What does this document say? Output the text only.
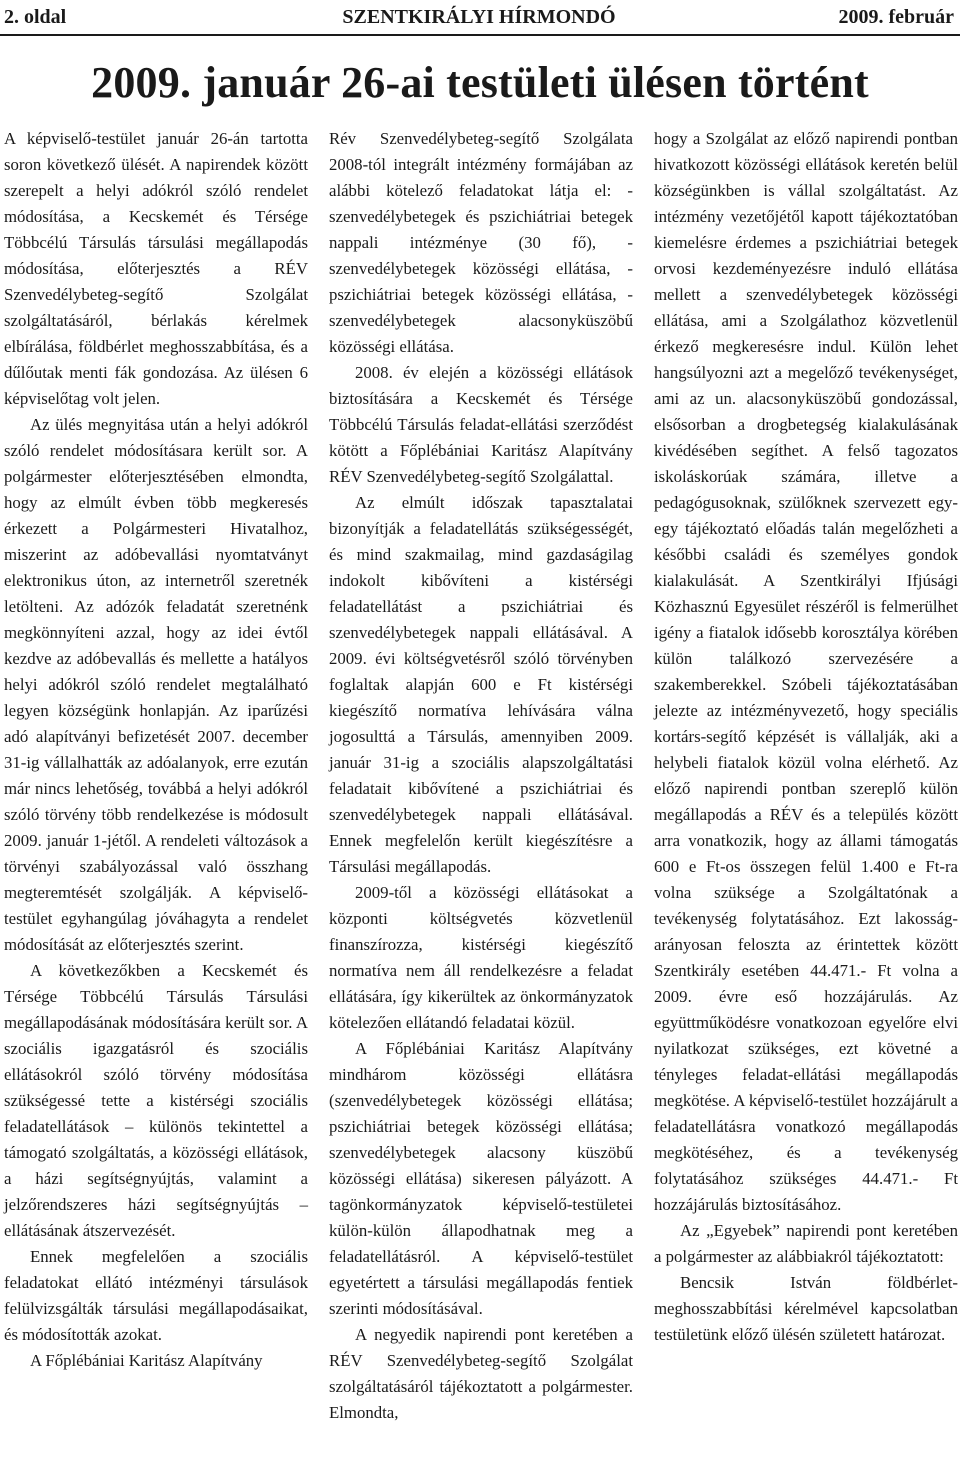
2. oldal	SZENTKIRÁLYI HÍRMONDÓ	2009. február
2009. január 26-ai testületi ülésen történt

A képviselő-testület január 26-án tartotta soron következő ülését. A napirendek között szerepelt a helyi adókról szóló rendelet módosítása, a Kecskemét és Térsége Többcélú Társulás társulási megállapodás módosítása, előterjesztés a RÉV Szenvedélybeteg-segítő Szolgálat szolgáltatásáról, bérlakás kérelmek elbírálása, földbérlet meghosszabbítása, és a dűlőutak menti fák gondozása. Az ülésen 6 képviselőtag volt jelen.

Az ülés megnyitása után a helyi adókról szóló rendelet módosításara került sor. A polgármester előterjesztésében elmondta, hogy az elmúlt évben több megkeresés érkezett a Polgármesteri Hivatalhoz, miszerint az adóbevallási nyomtatványt elektronikus úton, az internetről szeretnék letölteni. Az adózók feladatát szeretnénk megkönnyíteni azzal, hogy az idei évtől kezdve az adóbevallás és mellette a hatályos helyi adókról szóló rendelet megtalálható legyen községünk honlapján. Az iparűzési adó alapítványi befizetését 2007. december 31-ig vállalhatták az adóalanyok, erre ezután már nincs lehetőség, továbbá a helyi adókról szóló törvény több rendelkezése is módosult 2009. január 1-jétől. A rendeleti változások a törvényi szabályozással való összhang megteremtését szolgálják. A képviselő-testület egyhangúlag jóváhagyta a rendelet módosítását az előterjesztés szerint.

A következőkben a Kecskemét és Térsége Többcélú Társulás Társulási megállapodásának módosítására került sor. A szociális igazgatásról és szociális ellátásokról szóló törvény módosítása szükségessé tette a kistérségi szociális feladatellátások – különös tekintettel a támogató szolgáltatás, a közösségi ellátások, a házi segítségnyújtás, valamint a jelzőrendszeres házi segítségnyújtás – ellátásának átszervezését.

Ennek megfelelően a szociális feladatokat ellátó intézményi társulások felülvizsgálták társulási megállapodásaikat, és módosították azokat.

A Főplébániai Karitász Alapítvány

Rév Szenvedélybeteg-segítő Szolgálata 2008-tól integrált intézmény formájában az alábbi kötelező feladatokat látja el: - szenvedélybetegek és pszichiátriai betegek nappali intézménye (30 fő), - szenvedélybetegek közösségi ellátása, - pszichiátriai betegek közösségi ellátása, - szenvedélybetegek alacsonyküszöbű közösségi ellátása.

2008. év elején a közösségi ellátások biztosítására a Kecskemét és Térsége Többcélú Társulás feladat-ellátási szerződést kötött a Főplébániai Karitász Alapítvány RÉV Szenvedélybeteg-segítő Szolgálattal.

Az elmúlt időszak tapasztalatai bizonyítják a feladatellátás szükségességét, és mind szakmailag, mind gazdaságilag indokolt kibővíteni a kistérségi feladatellátást a pszichiátriai és szenvedélybetegek nappali ellátásával. A 2009. évi költségvetésről szóló törvényben foglaltak alapján 600 e Ft kistérségi kiegészítő normatíva lehívására válna jogosulttá a Társulás, amennyiben 2009. január 31-ig a szociális alapszolgáltatási feladatait kibővítené a pszichiátriai és szenvedélybetegek nappali ellátásával. Ennek megfelelőn került kiegészítésre a Társulási megállapodás.

2009-től a közösségi ellátásokat a központi költségvetés közvetlenül finanszírozza, kistérségi kiegészítő normatíva nem áll rendelkezésre a feladat ellátására, így kikerültek az önkormányzatok kötelezően ellátandó feladatai közül.

A Főplébániai Karitász Alapítvány mindhárom közösségi ellátásra (szenvedélybetegek közösségi ellátása; pszichiátriai betegek közösségi ellátása; szenvedélybetegek alacsony küszöbű közösségi ellátása) sikeresen pályázott. A tagönkormányzatok képviselő-testületei külön-külön állapodhatnak meg a feladatellátásról. A képviselő-testület egyetértett a társulási megállapodás fentiek szerinti módosításával.

A negyedik napirendi pont keretében a RÉV Szenvedélybeteg-segítő Szolgálat szolgáltatásáról tájékoztatott a polgármester. Elmondta,

hogy a Szolgálat az előző napirendi pontban hivatkozott közösségi ellátások keretén belül községünkben is vállal szolgáltatást. Az intézmény vezetőjétől kapott tájékoztatóban kiemelésre érdemes a pszichiátriai betegek orvosi kezdeményezésre induló ellátása mellett a szenvedélybetegek közösségi ellátása, ami a Szolgálathoz közvetlenül érkező megkeresésre indul. Külön lehet hangsúlyozni azt a megelőző tevékenységet, ami az un. alacsonyküszöbű gondozással, elsősorban a drogbetegség kialakulásának kivédésében segíthet. A felső tagozatos iskoláskorúak számára, illetve a pedagógusoknak, szülőknek szervezett egy-egy tájékoztató előadás talán megelőzheti a későbbi családi és személyes gondok kialakulását. A Szentkirályi Ifjúsági Közhasznú Egyesület részéről is felmerülhet igény a fiatalok idősebb korosztálya körében külön találkozó szervezésére a szakemberekkel. Szóbeli tájékoztatásában jelezte az intézményvezető, hogy speciális kortárs-segítő képzését is vállalják, aki a helybeli fiatalok közül volna elérhető. Az előző napirendi pontban szereplő külön megállapodás a RÉV és a település között arra vonatkozik, hogy az állami támogatás 600 e Ft-os összegen felül 1.400 e Ft-ra volna szüksége a Szolgáltatónak a tevékenység folytatásához. Ezt lakosság-arányosan feloszta az érintettek között Szentkirály esetében 44.471.- Ft volna a 2009. évre eső hozzájárulás. Az együttműködésre vonatkozoan egyelőre elvi nyilatkozat szükséges, ezt követné a tényleges feladat-ellátási megállapodás megkötése. A képviselő-testület hozzájárult a feladatellátásra vonatkozó megállapodás megkötéséhez, és a tevékenység folytatásához szükséges 44.471.- Ft hozzájárulás biztosításához.

Az „Egyebek” napirendi pont keretében a polgármester az alábbiakról tájékoztatott:

Bencsik István földbérlet-meghosszabbítási kérelmével kapcsolatban testületünk előző ülésén született határozat.
